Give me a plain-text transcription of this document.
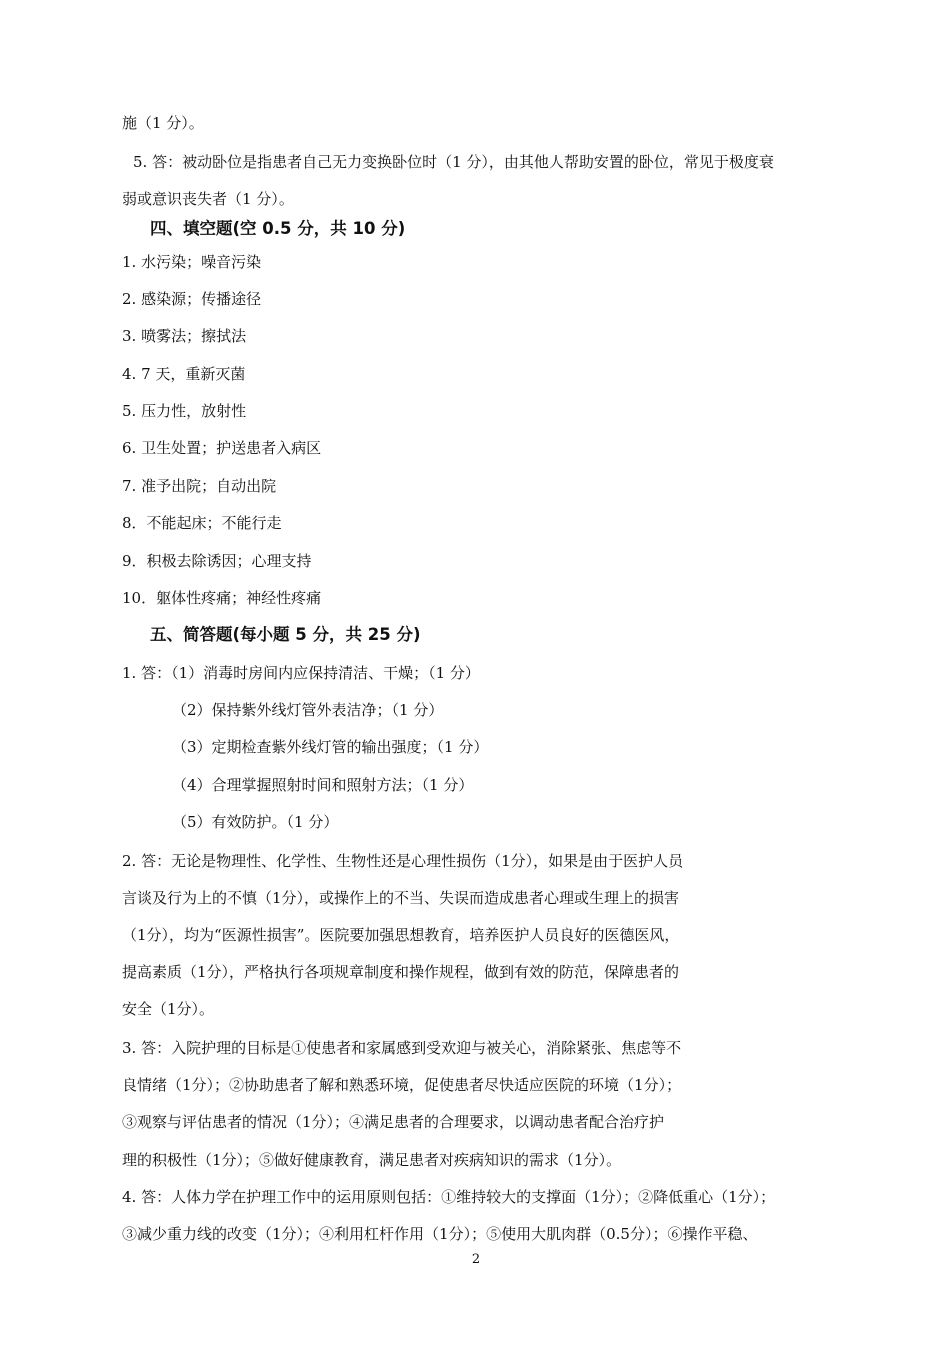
施（1 分）。
5. 答：被动卧位是指患者自己无力变换卧位时（1 分），由其他人帮助安置的卧位，常见于极度衰
弱或意识丧失者（1 分）。
四、填空题(空 0.5 分，共 10 分)
1. 水污染；噪音污染
2. 感染源；传播途径
3. 喷雾法；擦拭法
4. 7 天，重新灭菌
5. 压力性，放射性
6. 卫生处置；护送患者入病区
7. 准予出院；自动出院
8．不能起床；不能行走
9．积极去除诱因；心理支持
10．躯体性疼痛；神经性疼痛
五、简答题(每小题 5 分，共 25 分)
1. 答：（1）消毒时房间内应保持清洁、干燥；（1 分）
（2）保持紫外线灯管外表洁净；（1 分）
（3）定期检查紫外线灯管的输出强度；（1 分）
（4）合理掌握照射时间和照射方法；（1 分）
（5）有效防护。（1 分）
2. 答：无论是物理性、化学性、生物性还是心理性损伤（1分），如果是由于医护人员
言谈及行为上的不慎（1分），或操作上的不当、失误而造成患者心理或生理上的损害
（1分），均为“医源性损害”。医院要加强思想教育，培养医护人员良好的医德医风，
提高素质（1分），严格执行各项规章制度和操作规程，做到有效的防范，保障患者的
安全（1分）。
3. 答：入院护理的目标是①使患者和家属感到受欢迎与被关心，消除紧张、焦虑等不
良情绪（1分）；②协助患者了解和熟悉环境，促使患者尽快适应医院的环境（1分）；
③观察与评估患者的情况（1分）；④满足患者的合理要求，以调动患者配合治疗护
理的积极性（1分）；⑤做好健康教育，满足患者对疾病知识的需求（1分）。
4. 答：人体力学在护理工作中的运用原则包括：①维持较大的支撑面（1分）；②降低重心（1分）；
③减少重力线的改变（1分）；④利用杠杆作用（1分）；⑤使用大肌肉群（0.5分）；⑥操作平稳、
2
